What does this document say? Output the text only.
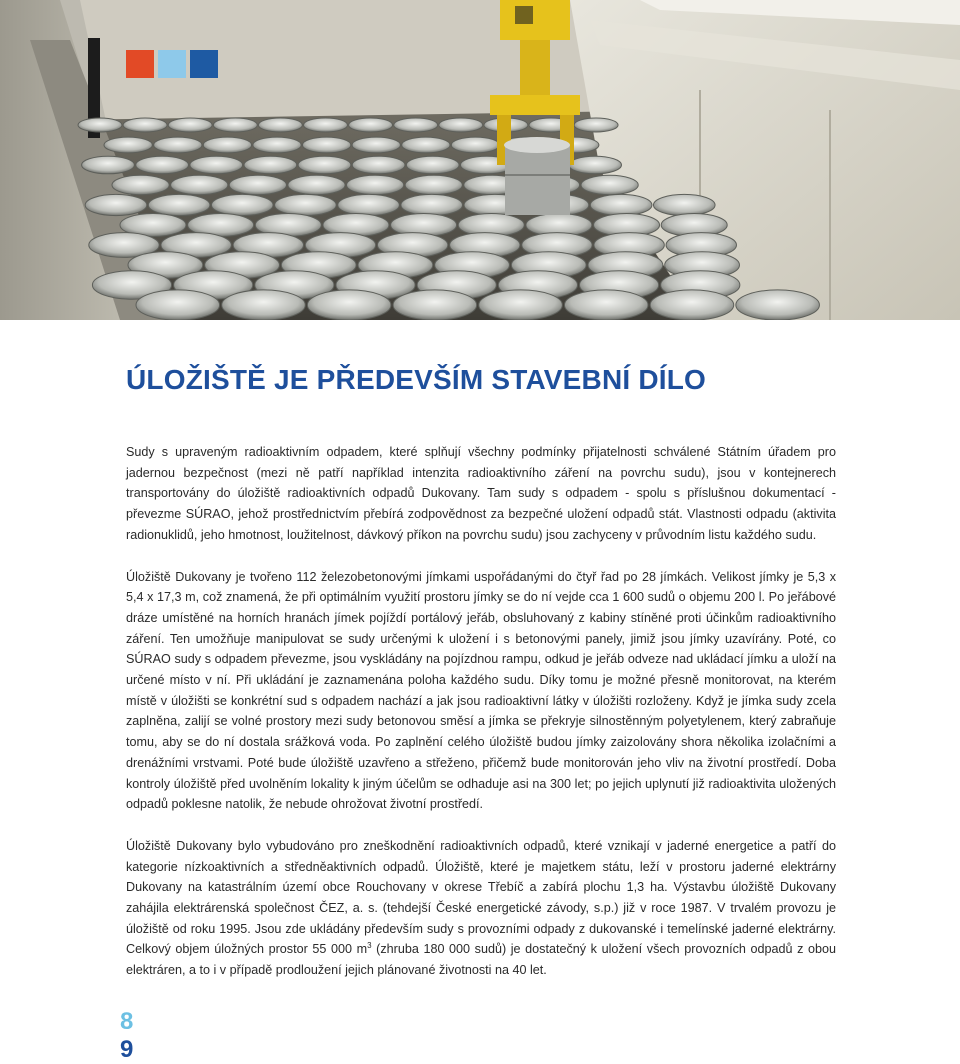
ÚLOŽIŠTĚ JE PŘEDEVŠÍM STAVEBNÍ DÍLO

Sudy s upraveným radioaktivním odpadem, které splňují všechny podmínky přijatelnosti schválené Státním úřadem pro jadernou bezpečnost (mezi ně patří například intenzita radioaktivního záření na povrchu sudu), jsou v kontejnerech transportovány do úložiště radioaktivních odpadů Dukovany. Tam sudy s odpadem - spolu s příslušnou dokumentací - převezme SÚRAO, jehož prostřednictvím přebírá zodpovědnost za bezpečné uložení odpadů stát. Vlastnosti odpadu (aktivita radionuklidů, jeho hmotnost, loužitelnost, dávkový příkon na povrchu sudu) jsou zachyceny v průvodním listu každého sudu.

Úložiště Dukovany je tvořeno 112 železobetonovými jímkami uspořádanými do čtyř řad po 28 jímkách. Velikost jímky je 5,3 x 5,4 x 17,3 m, což znamená, že při optimálním využití prostoru jímky se do ní vejde cca 1 600 sudů o objemu 200 l. Po jeřábové dráze umístěné na horních hranách jímek pojíždí portálový jeřáb, obsluhovaný z kabiny stíněné proti účinkům radioaktivního záření. Ten umožňuje manipulovat se sudy určenými k uložení i s betonovými panely, jimiž jsou jímky uzavírány. Poté, co SÚRAO sudy s odpadem převezme, jsou vyskládány na pojízdnou rampu, odkud je jeřáb odveze nad ukládací jímku a uloží na určené místo v ní. Při ukládání je zaznamenána poloha každého sudu. Díky tomu je možné přesně monitorovat, na kterém místě v úložišti se konkrétní sud s odpadem nachází a jak jsou radioaktivní látky v úložišti rozloženy. Když je jímka sudy zcela zaplněna, zalijí se volné prostory mezi sudy betonovou směsí a jímka se překryje silnostěnným polyetylenem, který zabraňuje tomu, aby se do ní dostala srážková voda. Po zaplnění celého úložiště budou jímky zaizolovány shora několika izolačními a drenážními vrstvami. Poté bude úložiště uzavřeno a střeženo, přičemž bude monitorován jeho vliv na životní prostředí. Doba kontroly úložiště před uvolněním lokality k jiným účelům se odhaduje asi na 300 let; po jejich uplynutí již radioaktivita uložených odpadů poklesne natolik, že nebude ohrožovat životní prostředí.

Úložiště Dukovany bylo vybudováno pro zneškodnění radioaktivních odpadů, které vznikají v jaderné energetice a patří do kategorie nízkoaktivních a středněaktivních odpadů. Úložiště, které je majetkem státu, leží v prostoru jaderné elektrárny Dukovany na katastrálním území obce Rouchovany v okrese Třebíč a zabírá plochu 1,3 ha. Výstavbu úložiště Dukovany zahájila elektrárenská společnost ČEZ, a. s. (tehdejší České energetické závody, s.p.) již v roce 1987. V trvalém provozu je úložiště od roku 1995. Jsou zde ukládány především sudy s provozními odpady z dukovanské i temelínské jaderné elektrárny. Celkový objem úložných prostor 55 000 $m^3$ (zhruba 180 000 sudů) je dostatečný k uložení všech provozních odpadů z obou elektráren, a to i v případě prodloužení jejich plánované životnosti na 40 let.

8
9
